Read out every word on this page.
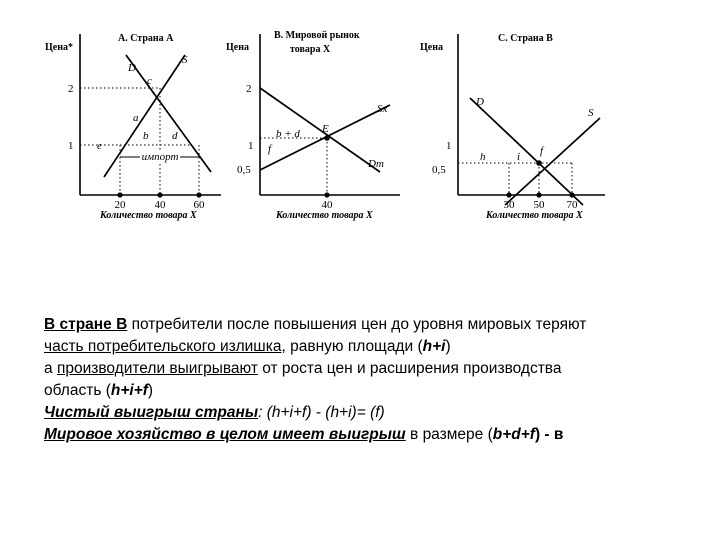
А. Страна А
Цена*
импорт
D
S
c
a
b d
e
2
1
20	40	60
Количество товара X
В. Мировой рынок
товара X
Цена
E
b + d
f
Sx
Dm
2
1
0,5
40
Количество товара X
С. Страна В
Цена
D
S
h	i f
1
0,5
30 50 70
Количество товара X

В стране В потребители после повышения цен до уровня мировых теряют

часть потребительского излишка, равную площади (h+i)

а производители выигрывают от роста цен и расширения производства

область (h+i+f)

Чистый выигрыш страны: (h+i+f) - (h+i)= (f)

Мировое хозяйство в целом имеет выигрыш в размере (b+d+f) - в
